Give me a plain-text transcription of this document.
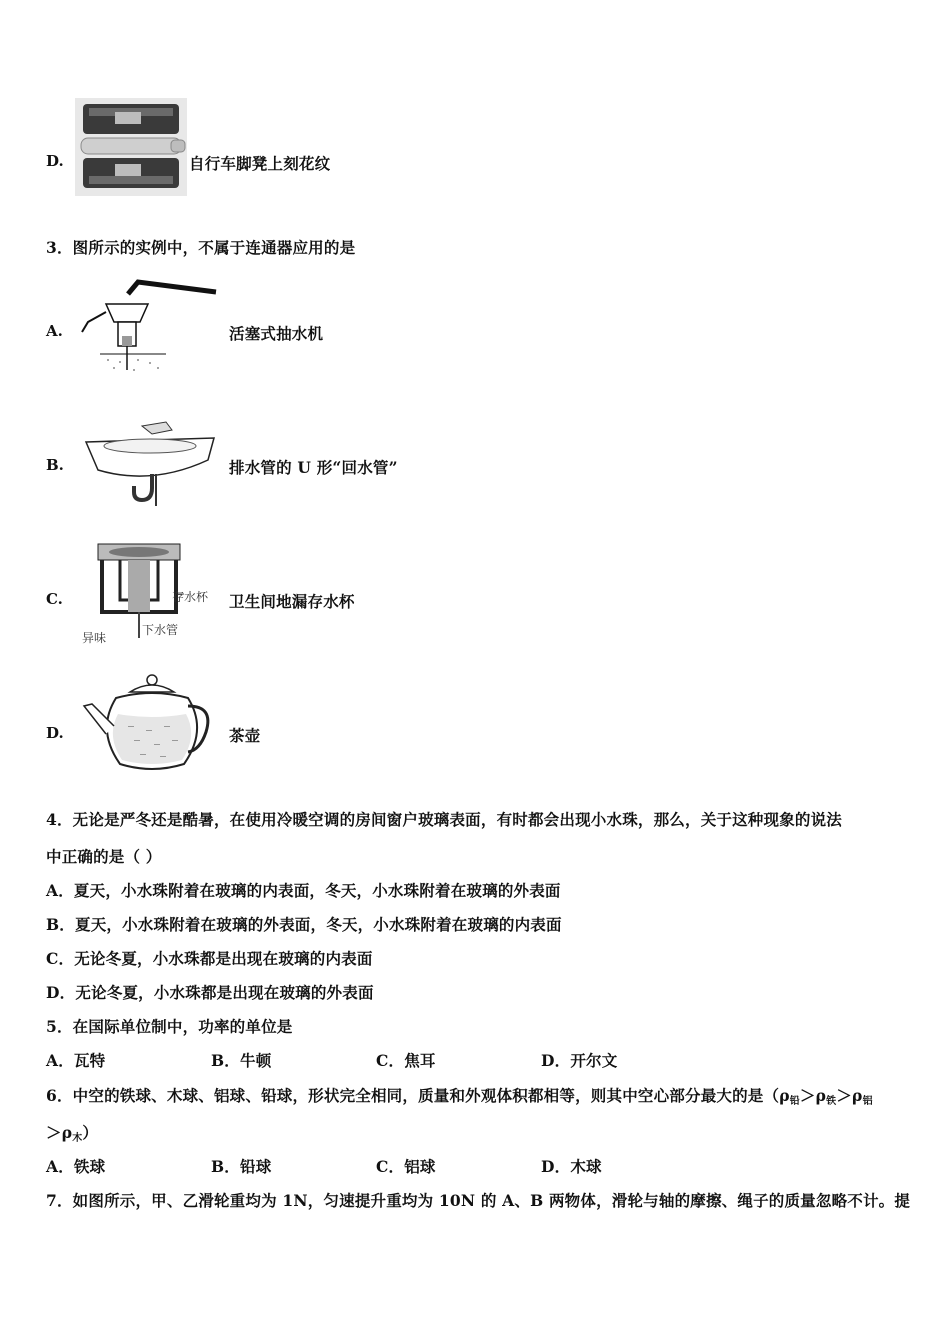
D.	自行车脚凳上刻花纹
3．图所示的实例中，不属于连通器应用的是
A.	活塞式抽水机
B.	排水管的 U 形“回水管”
C.	存水杯
异味
下水管
卫生间地漏存水杯
D.	茶壶
4．无论是严冬还是酷暑，在使用冷暖空调的房间窗户玻璃表面，有时都会出现小水珠，那么，关于这种现象的说法
中正确的是（ ）
A．夏天，小水珠附着在玻璃的内表面，冬天，小水珠附着在玻璃的外表面
B．夏天，小水珠附着在玻璃的外表面，冬天，小水珠附着在玻璃的内表面
C．无论冬夏，小水珠都是出现在玻璃的内表面
D．无论冬夏，小水珠都是出现在玻璃的外表面
5．在国际单位制中，功率的单位是
A．瓦特	B．牛顿	C．焦耳	D．开尔文
6．中空的铁球、木球、铝球、铅球，形状完全相同，质量和外观体积都相等，则其中空心部分最大的是（ρ铅＞ρ铁＞ρ铝
＞ρ木）
A．铁球	B．铅球	C．铝球	D．木球
7．如图所示，甲、乙滑轮重均为 1N，匀速提升重均为 10N 的 A、B 两物体，滑轮与轴的摩擦、绳子的质量忽略不计。提
